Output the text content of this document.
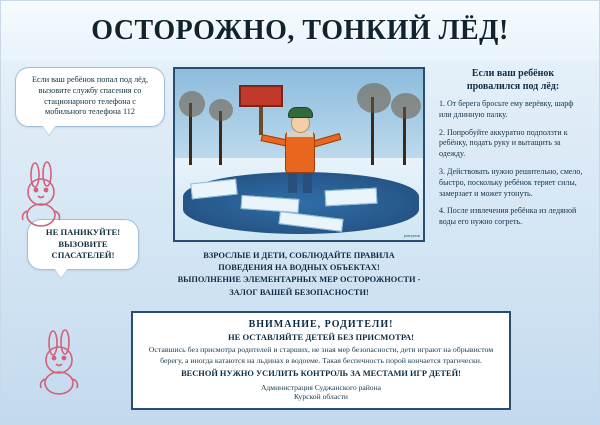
ОСТОРОЖНО, ТОНКИЙ ЛЁД!
Если ваш ребёнок попал под лёд, вызовите службу спасения со стационарного телефона с мобильного телефона 112
НЕ ПАНИКУЙТЕ! ВЫЗОВИТЕ СПАСАТЕЛЕЙ!
рисунок
ВЗРОСЛЫЕ И ДЕТИ, СОБЛЮДАЙТЕ ПРАВИЛА
ПОВЕДЕНИЯ НА ВОДНЫХ ОБЪЕКТАХ!
ВЫПОЛНЕНИЕ ЭЛЕМЕНТАРНЫХ МЕР ОСТОРОЖНОСТИ -
ЗАЛОГ ВАШЕЙ БЕЗОПАСНОСТИ!
Если ваш ребёнок
провалился под лёд:
1. От берега бросьте ему верёвку, шарф или длинную палку.
2. Попробуйте аккуратно подползти к ребёнку, подать руку и вытащить за одежду.
3. Действовать нужно решительно, смело, быстро, поскольку ребёнок теряет силы, замерзает и может утонуть.
4. После извлечения ребёнка из ледяной воды его нужно согреть.
ВНИМАНИЕ, РОДИТЕЛИ!
НЕ ОСТАВЛЯЙТЕ ДЕТЕЙ БЕЗ ПРИСМОТРА!
Оставшись без присмотра родителей и старших, не зная мер безопасности, дети играют на обрывистом берегу, а иногда катаются на льдинах в водоеме. Такая беспечность порой кончается трагически.
ВЕСНОЙ НУЖНО УСИЛИТЬ КОНТРОЛЬ ЗА МЕСТАМИ ИГР ДЕТЕЙ!
Администрация Суджанского района
Курской области
